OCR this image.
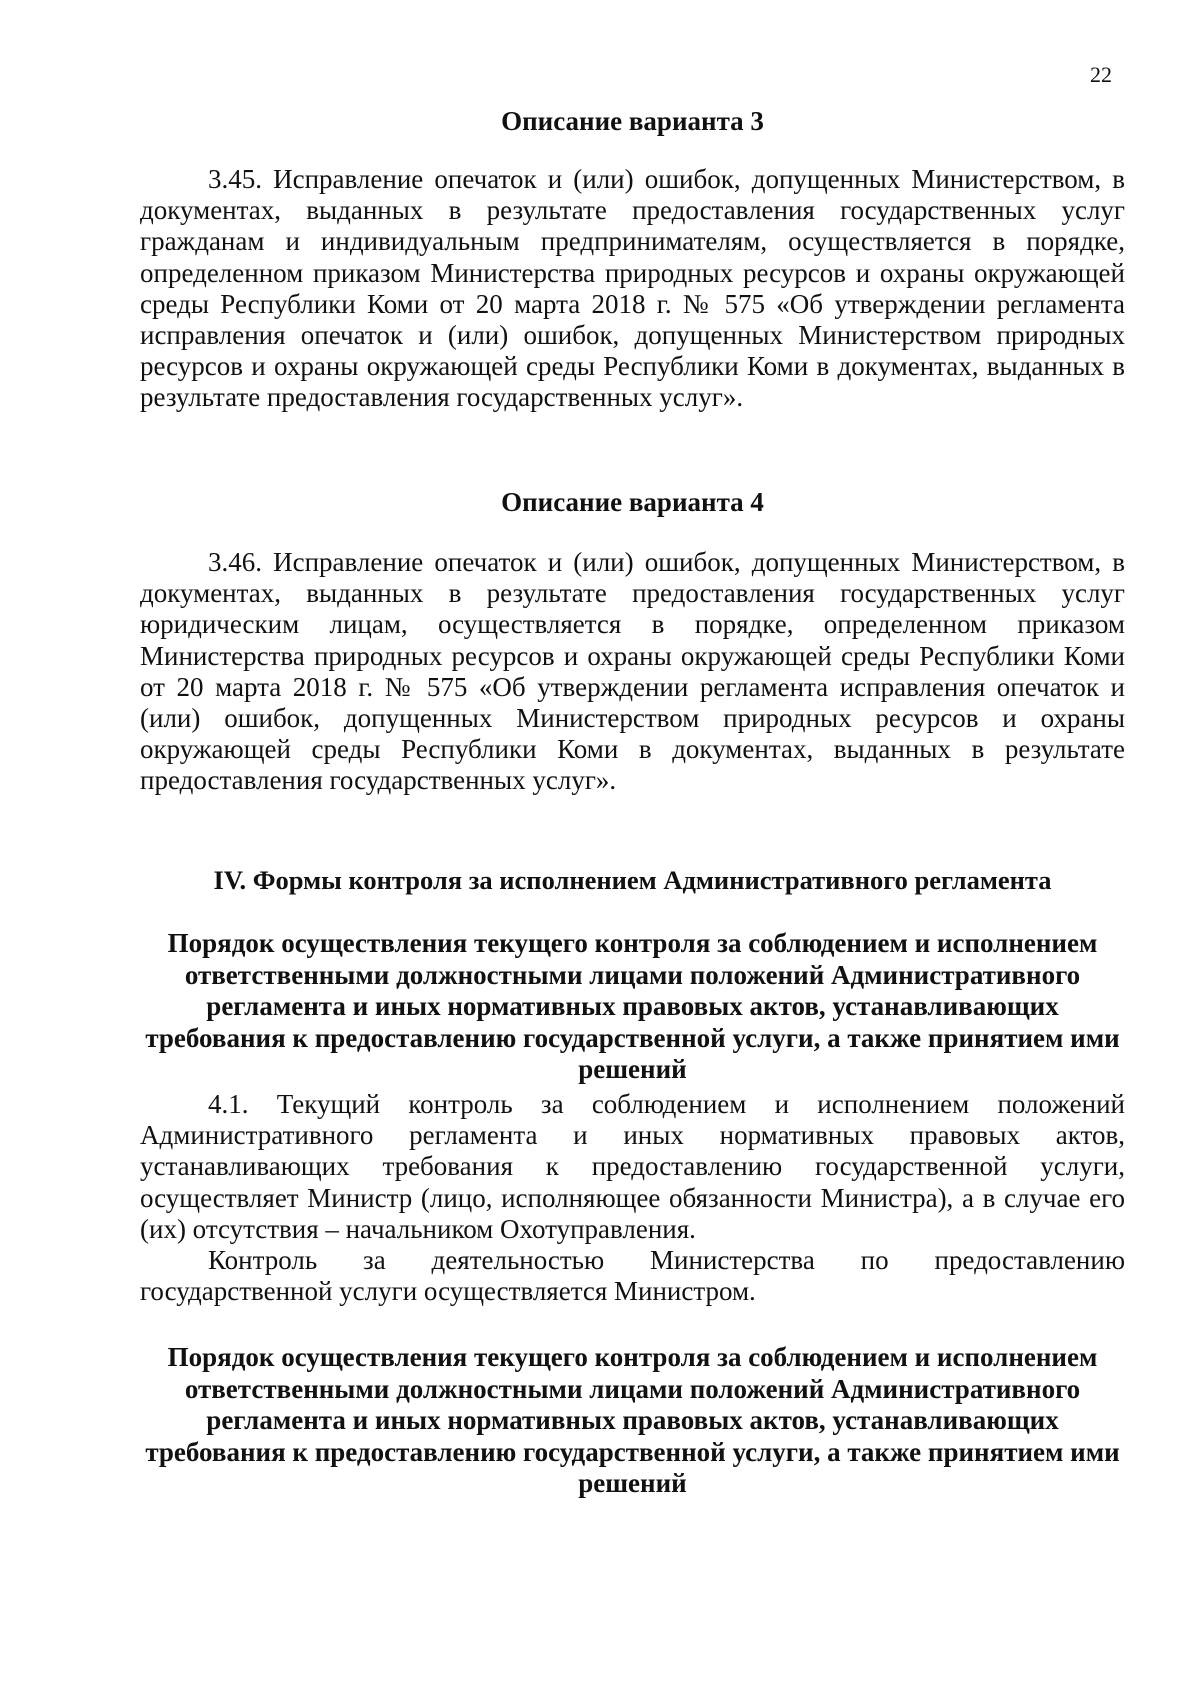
22
Описание варианта 3

3.45. Исправление опечаток и (или) ошибок, допущенных Министерством, в документах, выданных в результате предоставления государственных услуг гражданам и индивидуальным предпринимателям, осуществляется в порядке, определенном приказом Министерства природных ресурсов и охраны окружающей среды Республики Коми от 20 марта 2018 г. № 575 «Об утверждении регламента исправления опечаток и (или) ошибок, допущенных Министерством природных ресурсов и охраны окружающей среды Республики Коми в документах, выданных в результате предоставления государственных услуг».

Описание варианта 4

3.46. Исправление опечаток и (или) ошибок, допущенных Министерством, в документах, выданных в результате предоставления государственных услуг юридическим лицам, осуществляется в порядке, определенном приказом Министерства природных ресурсов и охраны окружающей среды Республики Коми от 20 марта 2018 г. № 575 «Об утверждении регламента исправления опечаток и (или) ошибок, допущенных Министерством природных ресурсов и охраны окружающей среды Республики Коми в документах, выданных в результате предоставления государственных услуг».

IV. Формы контроля за исполнением Административного регламента
Порядок осуществления текущего контроля за соблюдением и исполнением ответственными должностными лицами положений Административного регламента и иных нормативных правовых актов, устанавливающих требования к предоставлению государственной услуги, а также принятием ими решений

4.1. Текущий контроль за соблюдением и исполнением положений Административного регламента и иных нормативных правовых актов, устанавливающих требования к предоставлению государственной услуги, осуществляет Министр (лицо, исполняющее обязанности Министра), а в случае его (их) отсутствия – начальником Охотуправления.

Контроль за деятельностью Министерства по предоставлению государственной услуги осуществляется Министром.

Порядок осуществления текущего контроля за соблюдением и исполнением ответственными должностными лицами положений Административного регламента и иных нормативных правовых актов, устанавливающих требования к предоставлению государственной услуги, а также принятием ими решений
